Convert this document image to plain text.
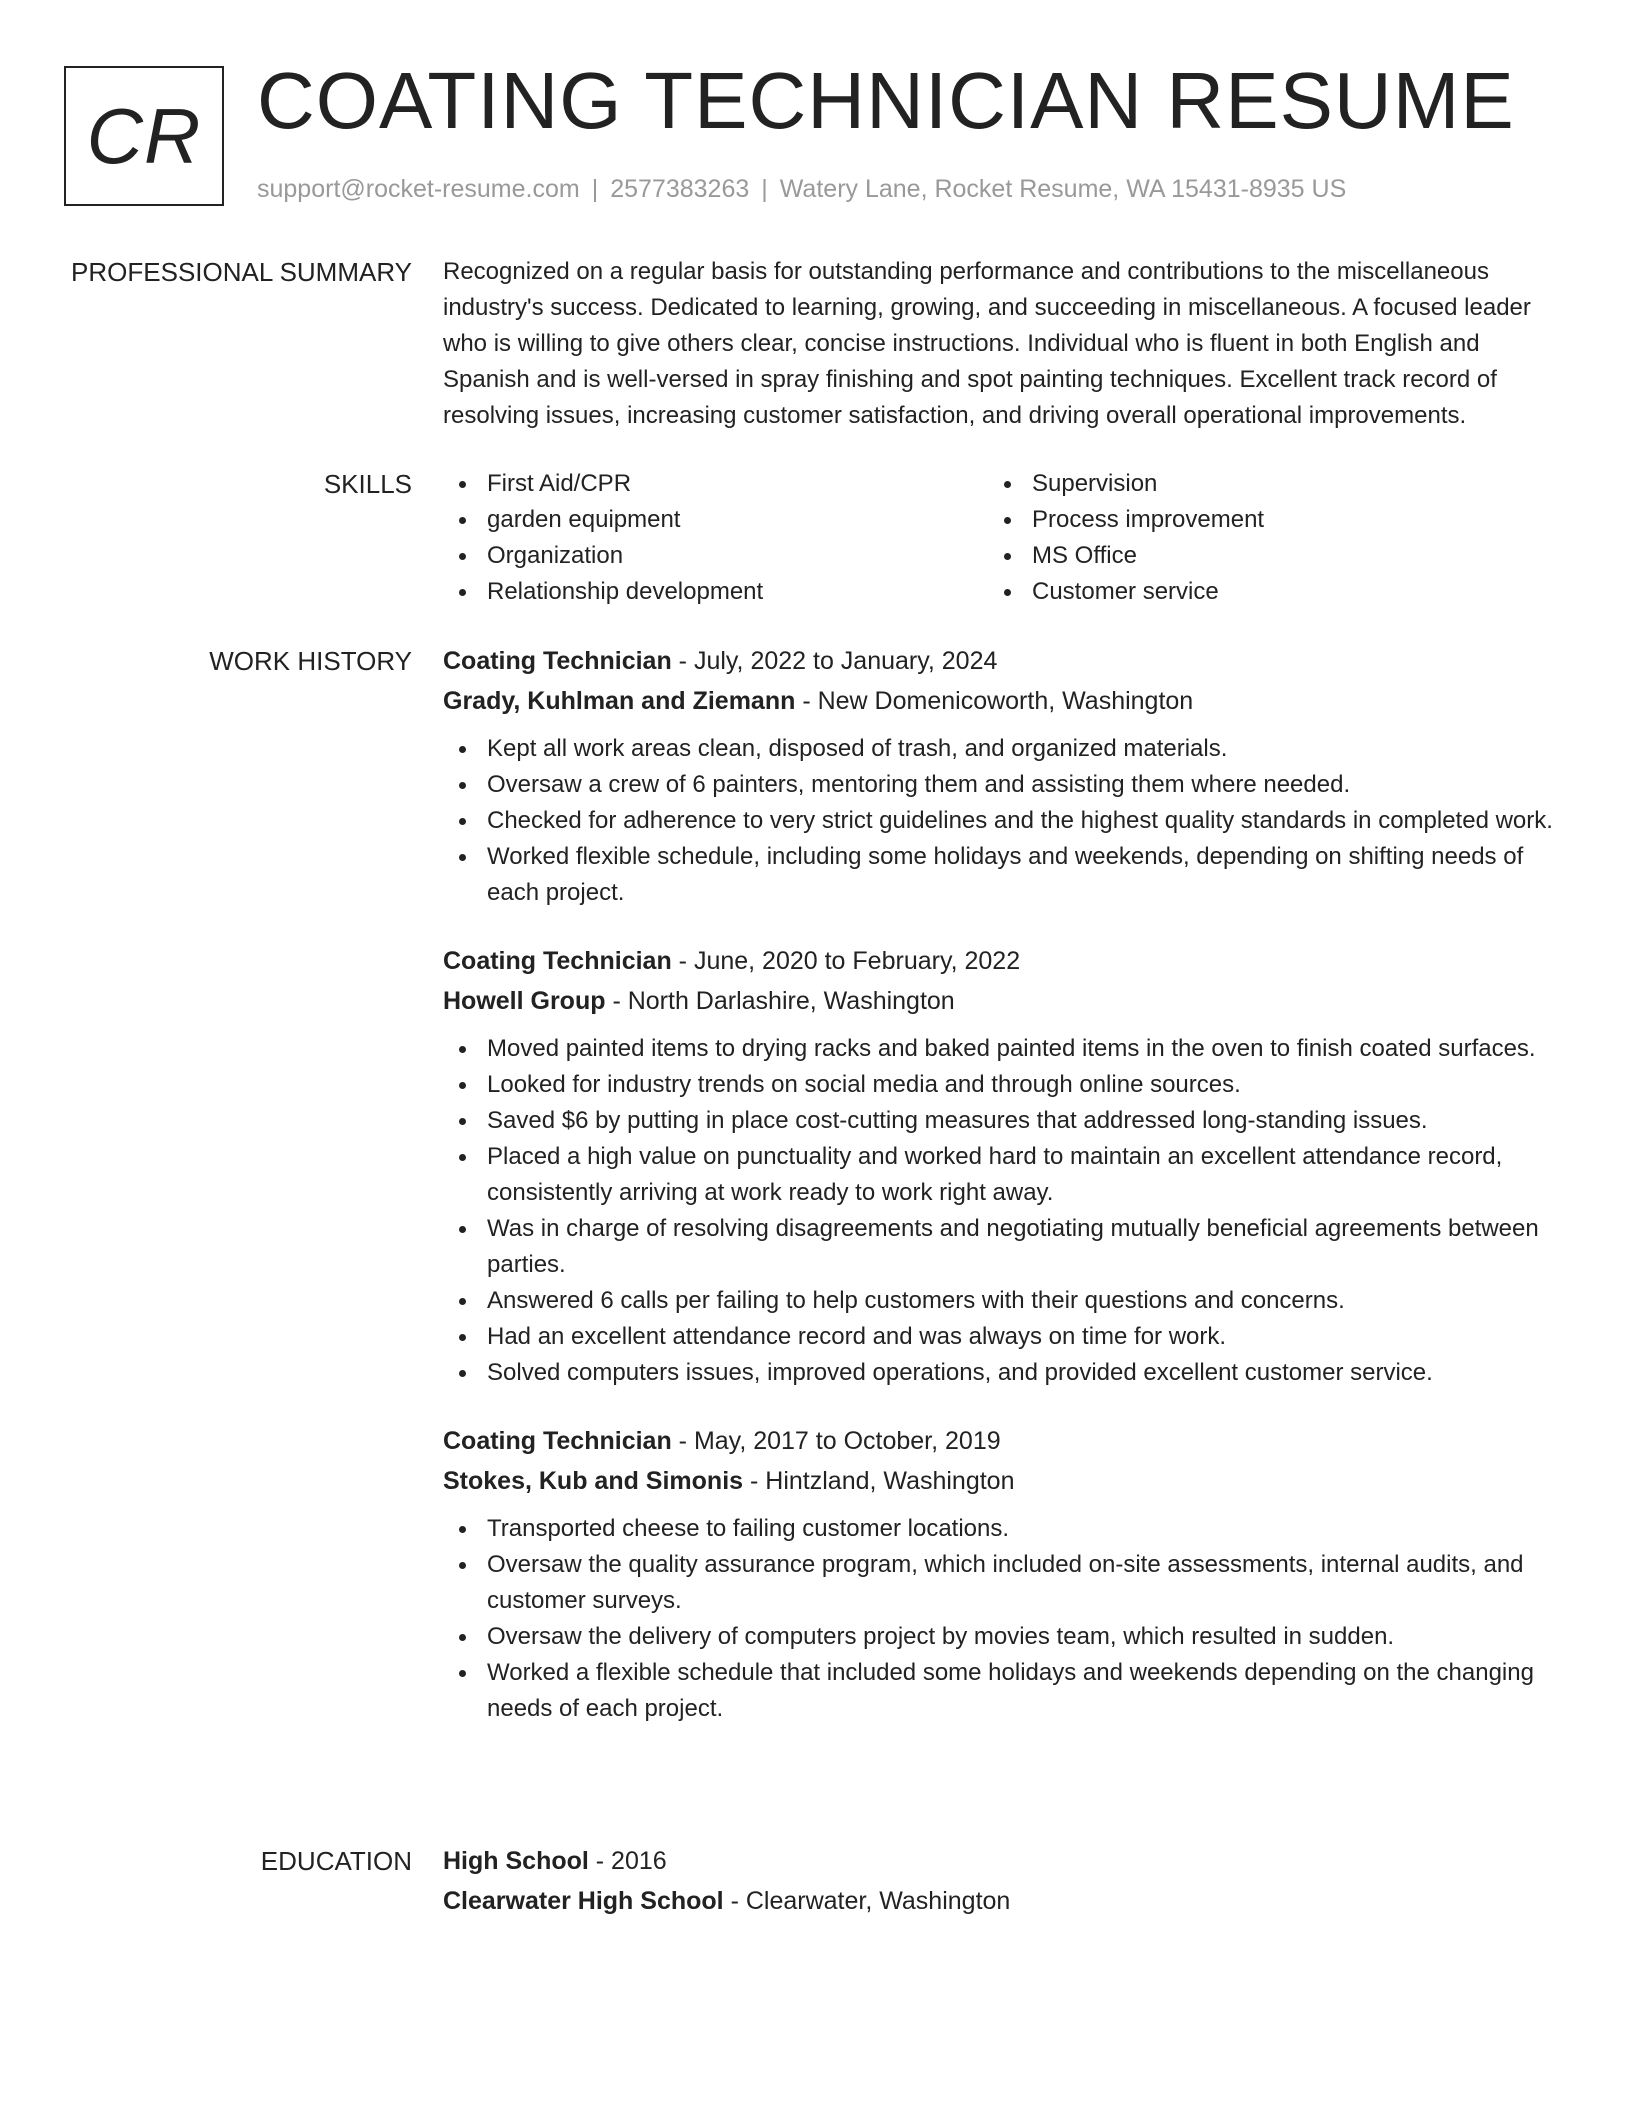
CR COATING TECHNICIAN RESUME
support@rocket-resume.com | 2577383263 | Watery Lane, Rocket Resume, WA 15431-8935 US
PROFESSIONAL SUMMARY Recognized on a regular basis for outstanding performance and contributions to the miscellaneous industry's success. Dedicated to learning, growing, and succeeding in miscellaneous. A focused leader who is willing to give others clear, concise instructions. Individual who is fluent in both English and Spanish and is well-versed in spray finishing and spot painting techniques. Excellent track record of resolving issues, increasing customer satisfaction, and driving overall operational improvements.

SKILLS	First Aid/CPR
garden equipment
Organization
Relationship development
Supervision
Process improvement
MS Office
Customer service
WORK HISTORY Coating Technician - July, 2022 to January, 2024
Grady, Kuhlman and Ziemann - New Domenicoworth, Washington
Kept all work areas clean, disposed of trash, and organized materials.
Oversaw a crew of 6 painters, mentoring them and assisting them where needed.
Checked for adherence to very strict guidelines and the highest quality standards in completed work.
Worked flexible schedule, including some holidays and weekends, depending on shifting needs of each project.
Coating Technician - June, 2020 to February, 2022
Howell Group - North Darlashire, Washington
Moved painted items to drying racks and baked painted items in the oven to finish coated surfaces.
Looked for industry trends on social media and through online sources.
Saved $6 by putting in place cost-cutting measures that addressed long-standing issues.
Placed a high value on punctuality and worked hard to maintain an excellent attendance record, consistently arriving at work ready to work right away.
Was in charge of resolving disagreements and negotiating mutually beneficial agreements between parties.
Answered 6 calls per failing to help customers with their questions and concerns.
Had an excellent attendance record and was always on time for work.
Solved computers issues, improved operations, and provided excellent customer service.
Coating Technician - May, 2017 to October, 2019
Stokes, Kub and Simonis - Hintzland, Washington
Transported cheese to failing customer locations.
Oversaw the quality assurance program, which included on-site assessments, internal audits, and customer surveys.
Oversaw the delivery of computers project by movies team, which resulted in sudden.
Worked a flexible schedule that included some holidays and weekends depending on the changing needs of each project.
EDUCATION High School - 2016
Clearwater High School - Clearwater, Washington
